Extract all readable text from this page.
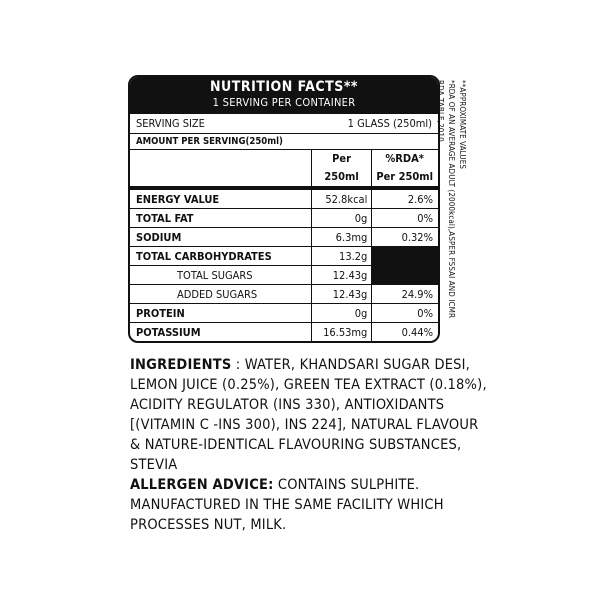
NUTRITION FACTS**
1 SERVING PER CONTAINER
SERVING SIZE	1 GLASS (250ml)
AMOUNT PER SERVING(250ml)
	Per	%RDA*
	250ml	Per 250ml
ENERGY VALUE	52.8kcal	2.6%
TOTAL FAT	0g	0%
SODIUM	6.3mg	0.32%
TOTAL CARBOHYDRATES	13.2g	
TOTAL SUGARS	12.43g	
ADDED SUGARS	12.43g	24.9%
PROTEIN	0g	0%
POTASSIUM	16.53mg	0.44%
**APPROXIMATE VALUES
*RDA OF AN AVERAGE ADULT (2000kcal),ASPER FSSAI AND ICMR
RDA TABLE,2010.

INGREDIENTS : WATER, KHANDSARI SUGAR DESI, LEMON JUICE (0.25%), GREEN TEA EXTRACT (0.18%), ACIDITY REGULATOR (INS 330), ANTIOXIDANTS [(VITAMIN C -INS 300), INS 224], NATURAL FLAVOUR & NATURE-IDENTICAL FLAVOURING SUBSTANCES, STEVIA

ALLERGEN ADVICE: CONTAINS SULPHITE. MANUFACTURED IN THE SAME FACILITY WHICH PROCESSES NUT, MILK.
